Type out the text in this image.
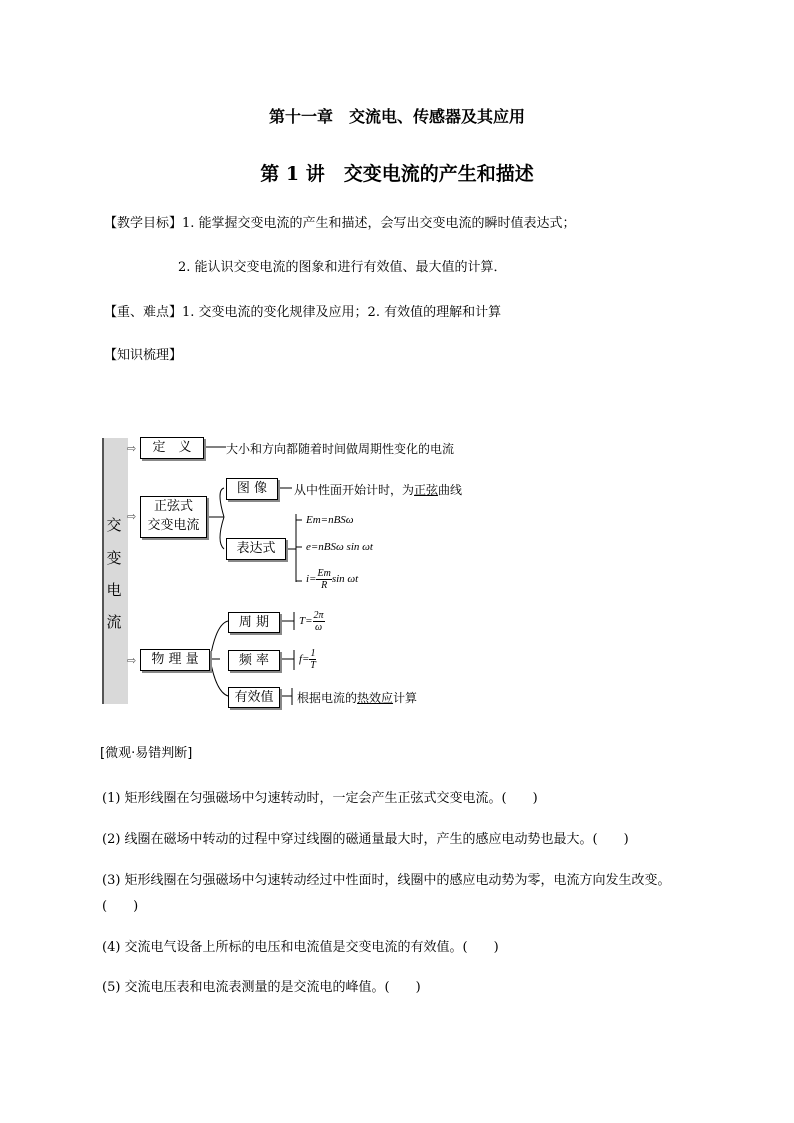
第十一章　交流电、传感器及其应用
第 1 讲　交变电流的产生和描述
【教学目标】1. 能掌握交变电流的产生和描述，会写出交变电流的瞬时值表达式；
2. 能认识交变电流的图象和进行有效值、最大值的计算．
【重、难点】1. 交变电流的变化规律及应用；2. 有效值的理解和计算
【知识梳理】
交
变
电
流
⇨
⇨
⇨
定　义	大小和方向都随着时间做周期性变化的电流
正弦式
交变电流
图 像	从中性面开始计时，为正弦曲线
表达式
Em=nBSω
e=nBSω sin ωt
$i= \frac{Em}{R}$ sin ωt
物 理 量
周 期	$T= \frac{2\pi}{\omega}$
频 率	$f= \frac{1}{T}$
有效值	根据电流的热效应计算
[微观·易错判断]
(1) 矩形线圈在匀强磁场中匀速转动时，一定会产生正弦式交变电流。(　　)
(2) 线圈在磁场中转动的过程中穿过线圈的磁通量最大时，产生的感应电动势也最大。(　　)
(3) 矩形线圈在匀强磁场中匀速转动经过中性面时，线圈中的感应电动势为零，电流方向发生改变。
(　　)
(4) 交流电气设备上所标的电压和电流值是交变电流的有效值。(　　)
(5) 交流电压表和电流表测量的是交流电的峰值。(　　)
